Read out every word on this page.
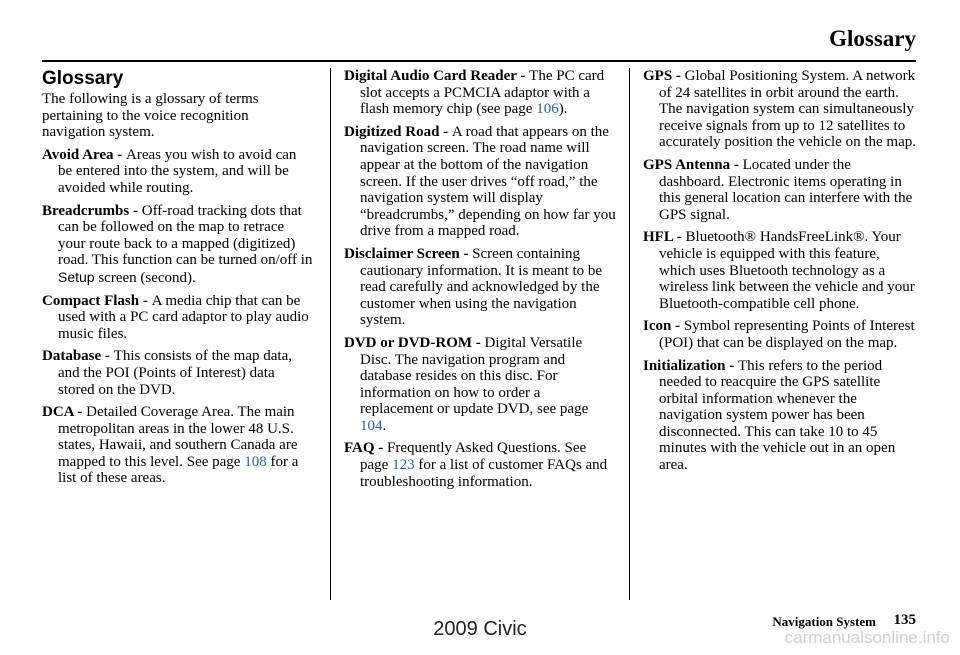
Glossary
Glossary
The following is a glossary of terms pertaining to the voice recognition navigation system.
Avoid Area - Areas you wish to avoid can be entered into the system, and will be avoided while routing.
Breadcrumbs - Off-road tracking dots that can be followed on the map to retrace your route back to a mapped (digitized) road. This function can be turned on/off in Setup screen (second).
Compact Flash - A media chip that can be used with a PC card adaptor to play audio music files.
Database - This consists of the map data, and the POI (Points of Interest) data stored on the DVD.
DCA - Detailed Coverage Area. The main metropolitan areas in the lower 48 U.S. states, Hawaii, and southern Canada are mapped to this level. See page 108 for a list of these areas.
Digital Audio Card Reader - The PC card slot accepts a PCMCIA adaptor with a flash memory chip (see page 106).
Digitized Road - A road that appears on the navigation screen. The road name will appear at the bottom of the navigation screen. If the user drives “off road,” the navigation system will display “breadcrumbs,” depending on how far you drive from a mapped road.
Disclaimer Screen - Screen containing cautionary information. It is meant to be read carefully and acknowledged by the customer when using the navigation system.
DVD or DVD-ROM - Digital Versatile Disc. The navigation program and database resides on this disc. For information on how to order a replacement or update DVD, see page 104.
FAQ - Frequently Asked Questions. See page 123 for a list of customer FAQs and troubleshooting information.
GPS - Global Positioning System. A network of 24 satellites in orbit around the earth. The navigation system can simultaneously receive signals from up to 12 satellites to accurately position the vehicle on the map.
GPS Antenna - Located under the dashboard. Electronic items operating in this general location can interfere with the GPS signal.
HFL - Bluetooth® HandsFreeLink®. Your vehicle is equipped with this feature, which uses Bluetooth technology as a wireless link between the vehicle and your Bluetooth-compatible cell phone.
Icon - Symbol representing Points of Interest (POI) that can be displayed on the map.
Initialization - This refers to the period needed to reacquire the GPS satellite orbital information whenever the navigation system power has been disconnected. This can take 10 to 45 minutes with the vehicle out in an open area.
Navigation System 135
2009 Civic	carmanualsonline.info
